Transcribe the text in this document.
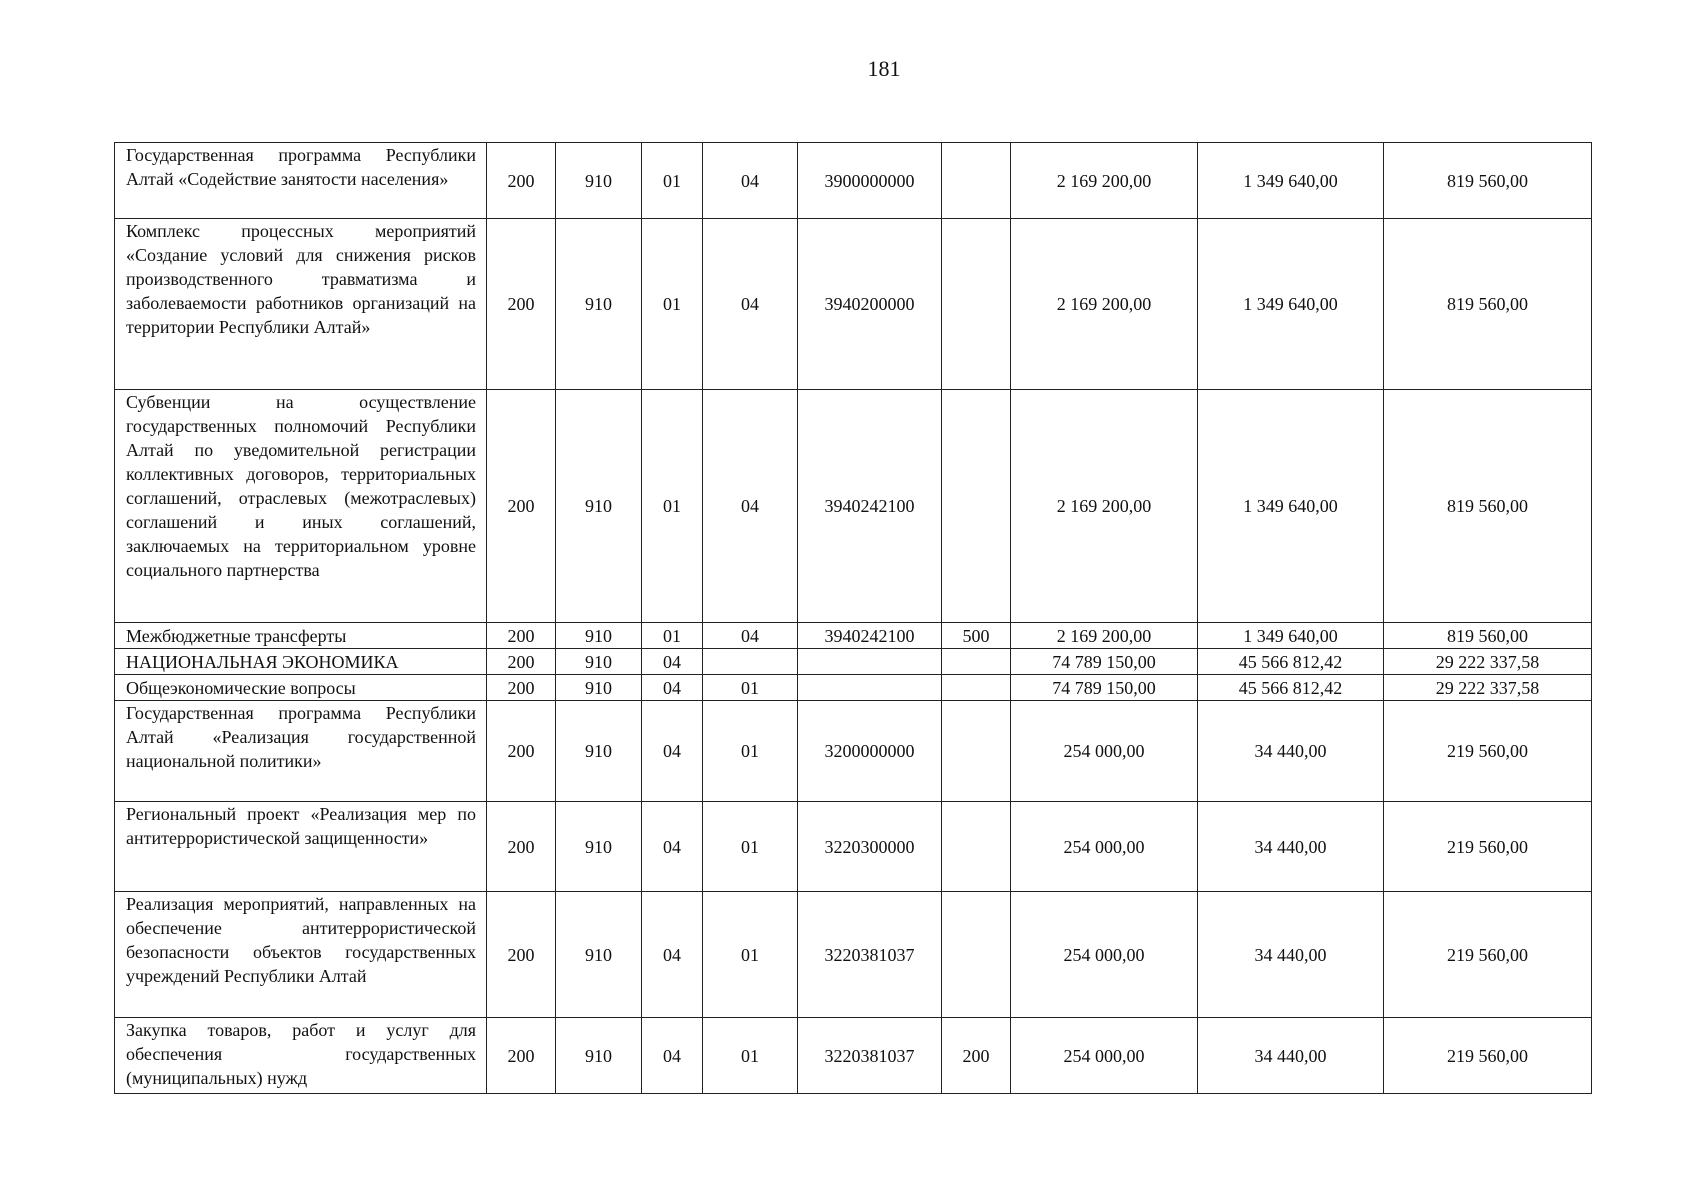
181
Государственная программа Республики Алтай «Содействие занятости населения»	200	910	01	04	3900000000		2 169 200,00	1 349 640,00	819 560,00
Комплекс процессных мероприятий «Создание условий для снижения рисков производственного травматизма и заболеваемости работников организаций на территории Республики Алтай»	200	910	01	04	3940200000		2 169 200,00	1 349 640,00	819 560,00
Субвенции на осуществление государственных полномочий Республики Алтай по уведомительной регистрации коллективных договоров, территориальных соглашений, отраслевых (межотраслевых) соглашений и иных соглашений, заключаемых на территориальном уровне социального партнерства	200	910	01	04	3940242100		2 169 200,00	1 349 640,00	819 560,00
Межбюджетные трансферты	200	910	01	04	3940242100	500	2 169 200,00	1 349 640,00	819 560,00
НАЦИОНАЛЬНАЯ ЭКОНОМИКА	200	910	04				74 789 150,00	45 566 812,42	29 222 337,58
Общеэкономические вопросы	200	910	04	01			74 789 150,00	45 566 812,42	29 222 337,58
Государственная программа Республики Алтай «Реализация государственной национальной политики»	200	910	04	01	3200000000		254 000,00	34 440,00	219 560,00
Региональный проект «Реализация мер по антитеррористической защищенности»	200	910	04	01	3220300000		254 000,00	34 440,00	219 560,00
Реализация мероприятий, направленных на обеспечение антитеррористической безопасности объектов государственных учреждений Республики Алтай	200	910	04	01	3220381037		254 000,00	34 440,00	219 560,00
Закупка товаров, работ и услуг для обеспечения государственных (муниципальных) нужд	200	910	04	01	3220381037	200	254 000,00	34 440,00	219 560,00
